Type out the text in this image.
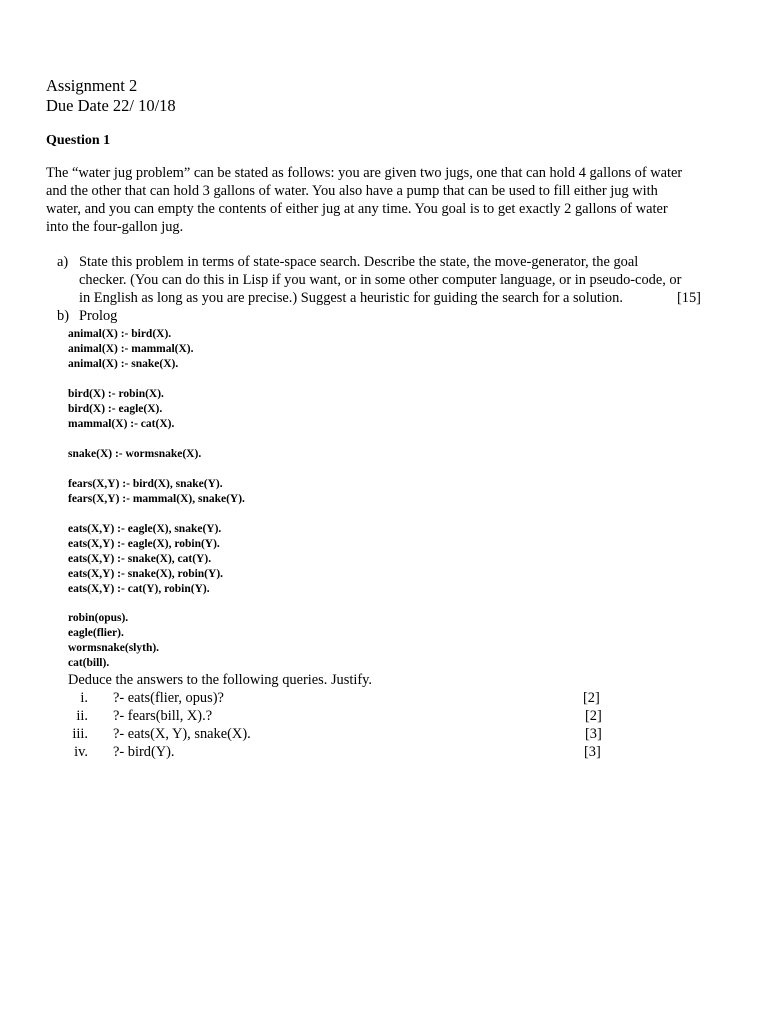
Assignment 2
Due Date 22/ 10/18
Question 1
The “water jug problem” can be stated as follows: you are given two jugs, one that can hold 4 gallons of water
and the other that can hold 3 gallons of water. You also have a pump that can be used to fill either jug with
water, and you can empty the contents of either jug at any time. You goal is to get exactly 2 gallons of water
into the four-gallon jug.
a) State this problem in terms of state-space search. Describe the state, the move-generator, the goal
checker. (You can do this in Lisp if you want, or in some other computer language, or in pseudo-code, or
in English as long as you are precise.) Suggest a heuristic for guiding the search for a solution.	[15]
b) Prolog
animal(X) :- bird(X).
animal(X) :- mammal(X).
animal(X) :- snake(X).
bird(X) :- robin(X).
bird(X) :- eagle(X).
mammal(X) :- cat(X).
snake(X) :- wormsnake(X).
fears(X,Y) :- bird(X), snake(Y).
fears(X,Y) :- mammal(X), snake(Y).
eats(X,Y) :- eagle(X), snake(Y).
eats(X,Y) :- eagle(X), robin(Y).
eats(X,Y) :- snake(X), cat(Y).
eats(X,Y) :- snake(X), robin(Y).
eats(X,Y) :- cat(Y), robin(Y).
robin(opus).
eagle(flier).
wormsnake(slyth).
cat(bill).
Deduce the answers to the following queries. Justify.
i. ?- eats(flier, opus)?	[2]
ii. ?- fears(bill, X).?	[2]
iii. ?- eats(X, Y), snake(X).	[3]
iv. ?- bird(Y).	[3]
